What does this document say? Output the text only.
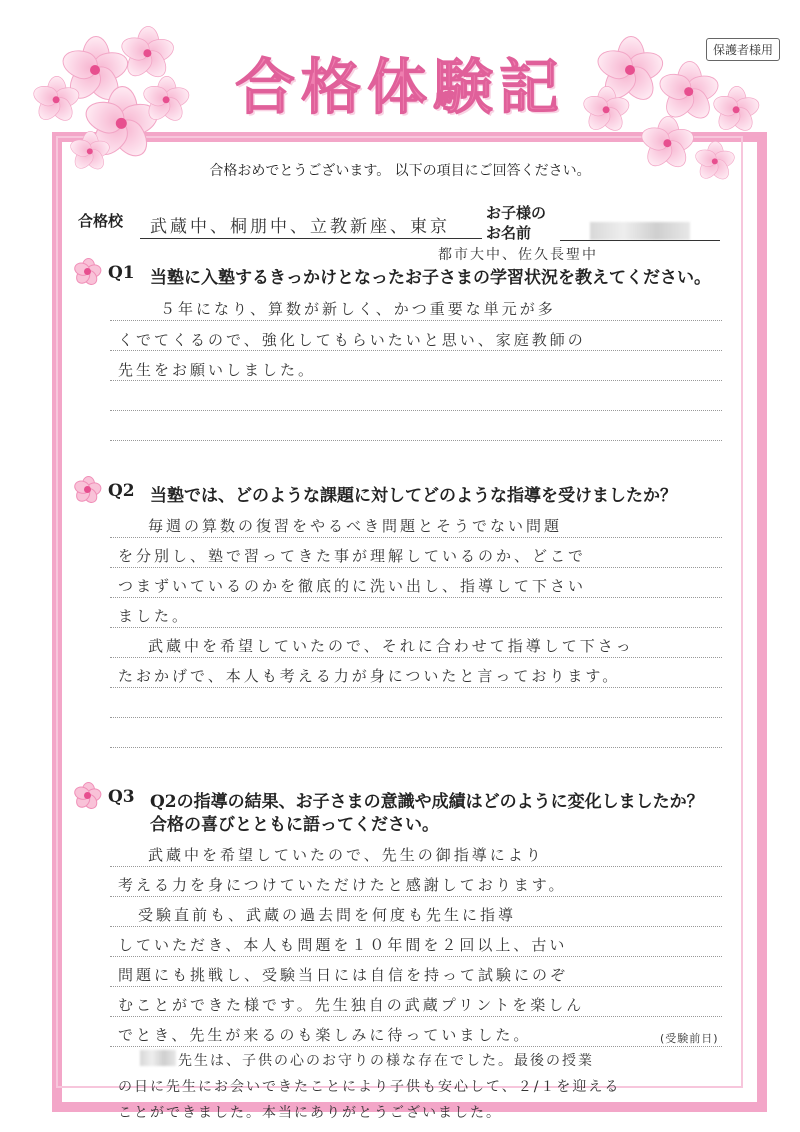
合格体験記
保護者様用
合格おめでとうございます。 以下の項目にご回答ください。
合格校 武蔵中、桐朋中、立教新座、東京
都市大中、佐久長聖中
お子様の
お名前
Q1 当塾に入塾するきっかけとなったお子さまの学習状況を教えてください。
５年になり、算数が新しく、かつ重要な単元が多
くでてくるので、強化してもらいたいと思い、家庭教師の
先生をお願いしました。
Q2 当塾では、どのような課題に対してどのような指導を受けましたか？
毎週の算数の復習をやるべき問題とそうでない問題
を分別し、塾で習ってきた事が理解しているのか、どこで
つまずいているのかを徹底的に洗い出し、指導して下さい
ました。
武蔵中を希望していたので、それに合わせて指導して下さっ
たおかげで、本人も考える力が身についたと言っております。
Q3 Q2の指導の結果、お子さまの意識や成績はどのように変化しましたか？
合格の喜びとともに語ってください。
武蔵中を希望していたので、先生の御指導により
考える力を身につけていただけたと感謝しております。
受験直前も、武蔵の過去問を何度も先生に指導
していただき、本人も問題を１０年間を２回以上、古い
問題にも挑戦し、受験当日には自信を持って試験にのぞ
むことができた様です。先生独自の武蔵プリントを楽しん
でとき、先生が来るのも楽しみに待っていました。	(受験前日)
先生は、子供の心のお守りの様な存在でした。最後の授業
の日に先生にお会いできたことにより子供も安心して、２/１を迎える
ことができました。本当にありがとうございました。
